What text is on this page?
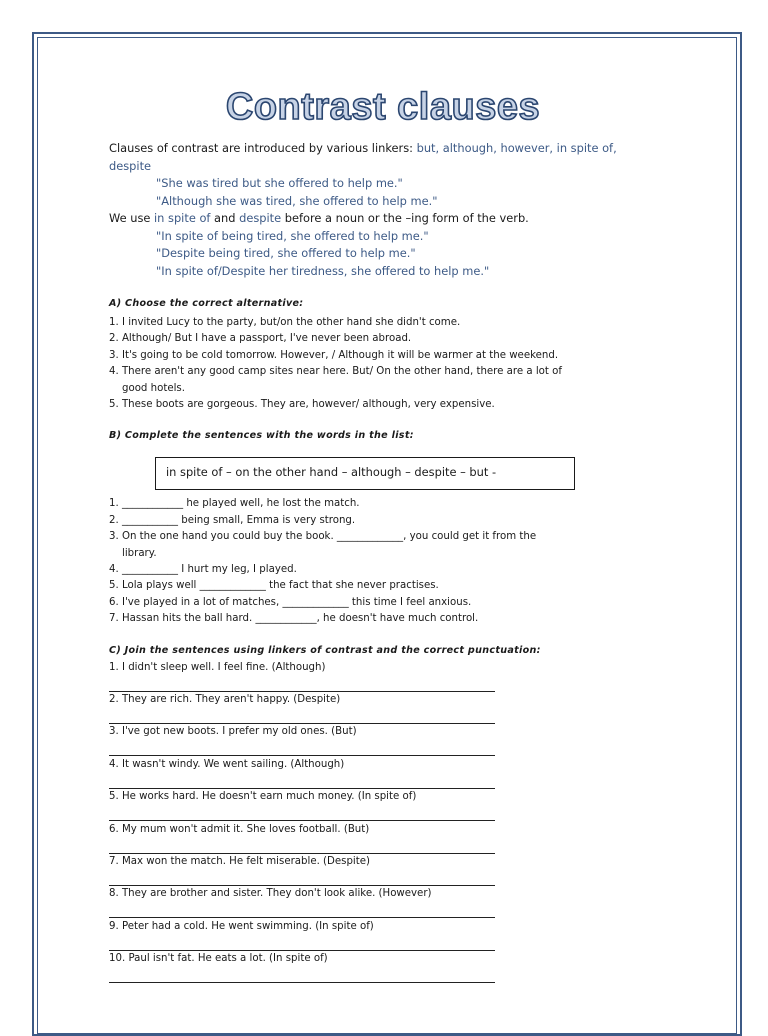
Contrast clauses

Clauses of contrast are introduced by various linkers: but, although, however, in spite of,

despite

"She was tired but she offered to help me."

"Although she was tired, she offered to help me."

We use in spite of and despite before a noun or the –ing form of the verb.

"In spite of being tired, she offered to help me."

"Despite being tired, she offered to help me."

"In spite of/Despite her tiredness, she offered to help me."

A) Choose the correct alternative:

1. I invited Lucy to the party, but/on the other hand she didn't come.

2. Although/ But I have a passport, I've never been abroad.

3. It's going to be cold tomorrow. However, / Although it will be warmer at the weekend.

4. There aren't any good camp sites near here. But/ On the other hand, there are a lot of

good hotels.

5. These boots are gorgeous. They are, however/ although, very expensive.

B) Complete the sentences with the words in the list:
in spite of – on the other hand – although – despite – but -

1. ____________ he played well, he lost the match.

2. ___________ being small, Emma is very strong.

3. On the one hand you could buy the book. _____________, you could get it from the

library.

4. ___________ I hurt my leg, I played.

5. Lola plays well _____________ the fact that she never practises.

6. I've played in a lot of matches, _____________ this time I feel anxious.

7. Hassan hits the ball hard. ____________, he doesn't have much control.

C) Join the sentences using linkers of contrast and the correct punctuation:

1. I didn't sleep well. I feel fine. (Although)

2. They are rich. They aren't happy. (Despite)

3. I've got new boots. I prefer my old ones. (But)

4. It wasn't windy. We went sailing. (Although)

5. He works hard. He doesn't earn much money. (In spite of)

6. My mum won't admit it. She loves football. (But)

7. Max won the match. He felt miserable. (Despite)

8. They are brother and sister. They don't look alike. (However)

9. Peter had a cold. He went swimming. (In spite of)

10. Paul isn't fat. He eats a lot. (In spite of)
